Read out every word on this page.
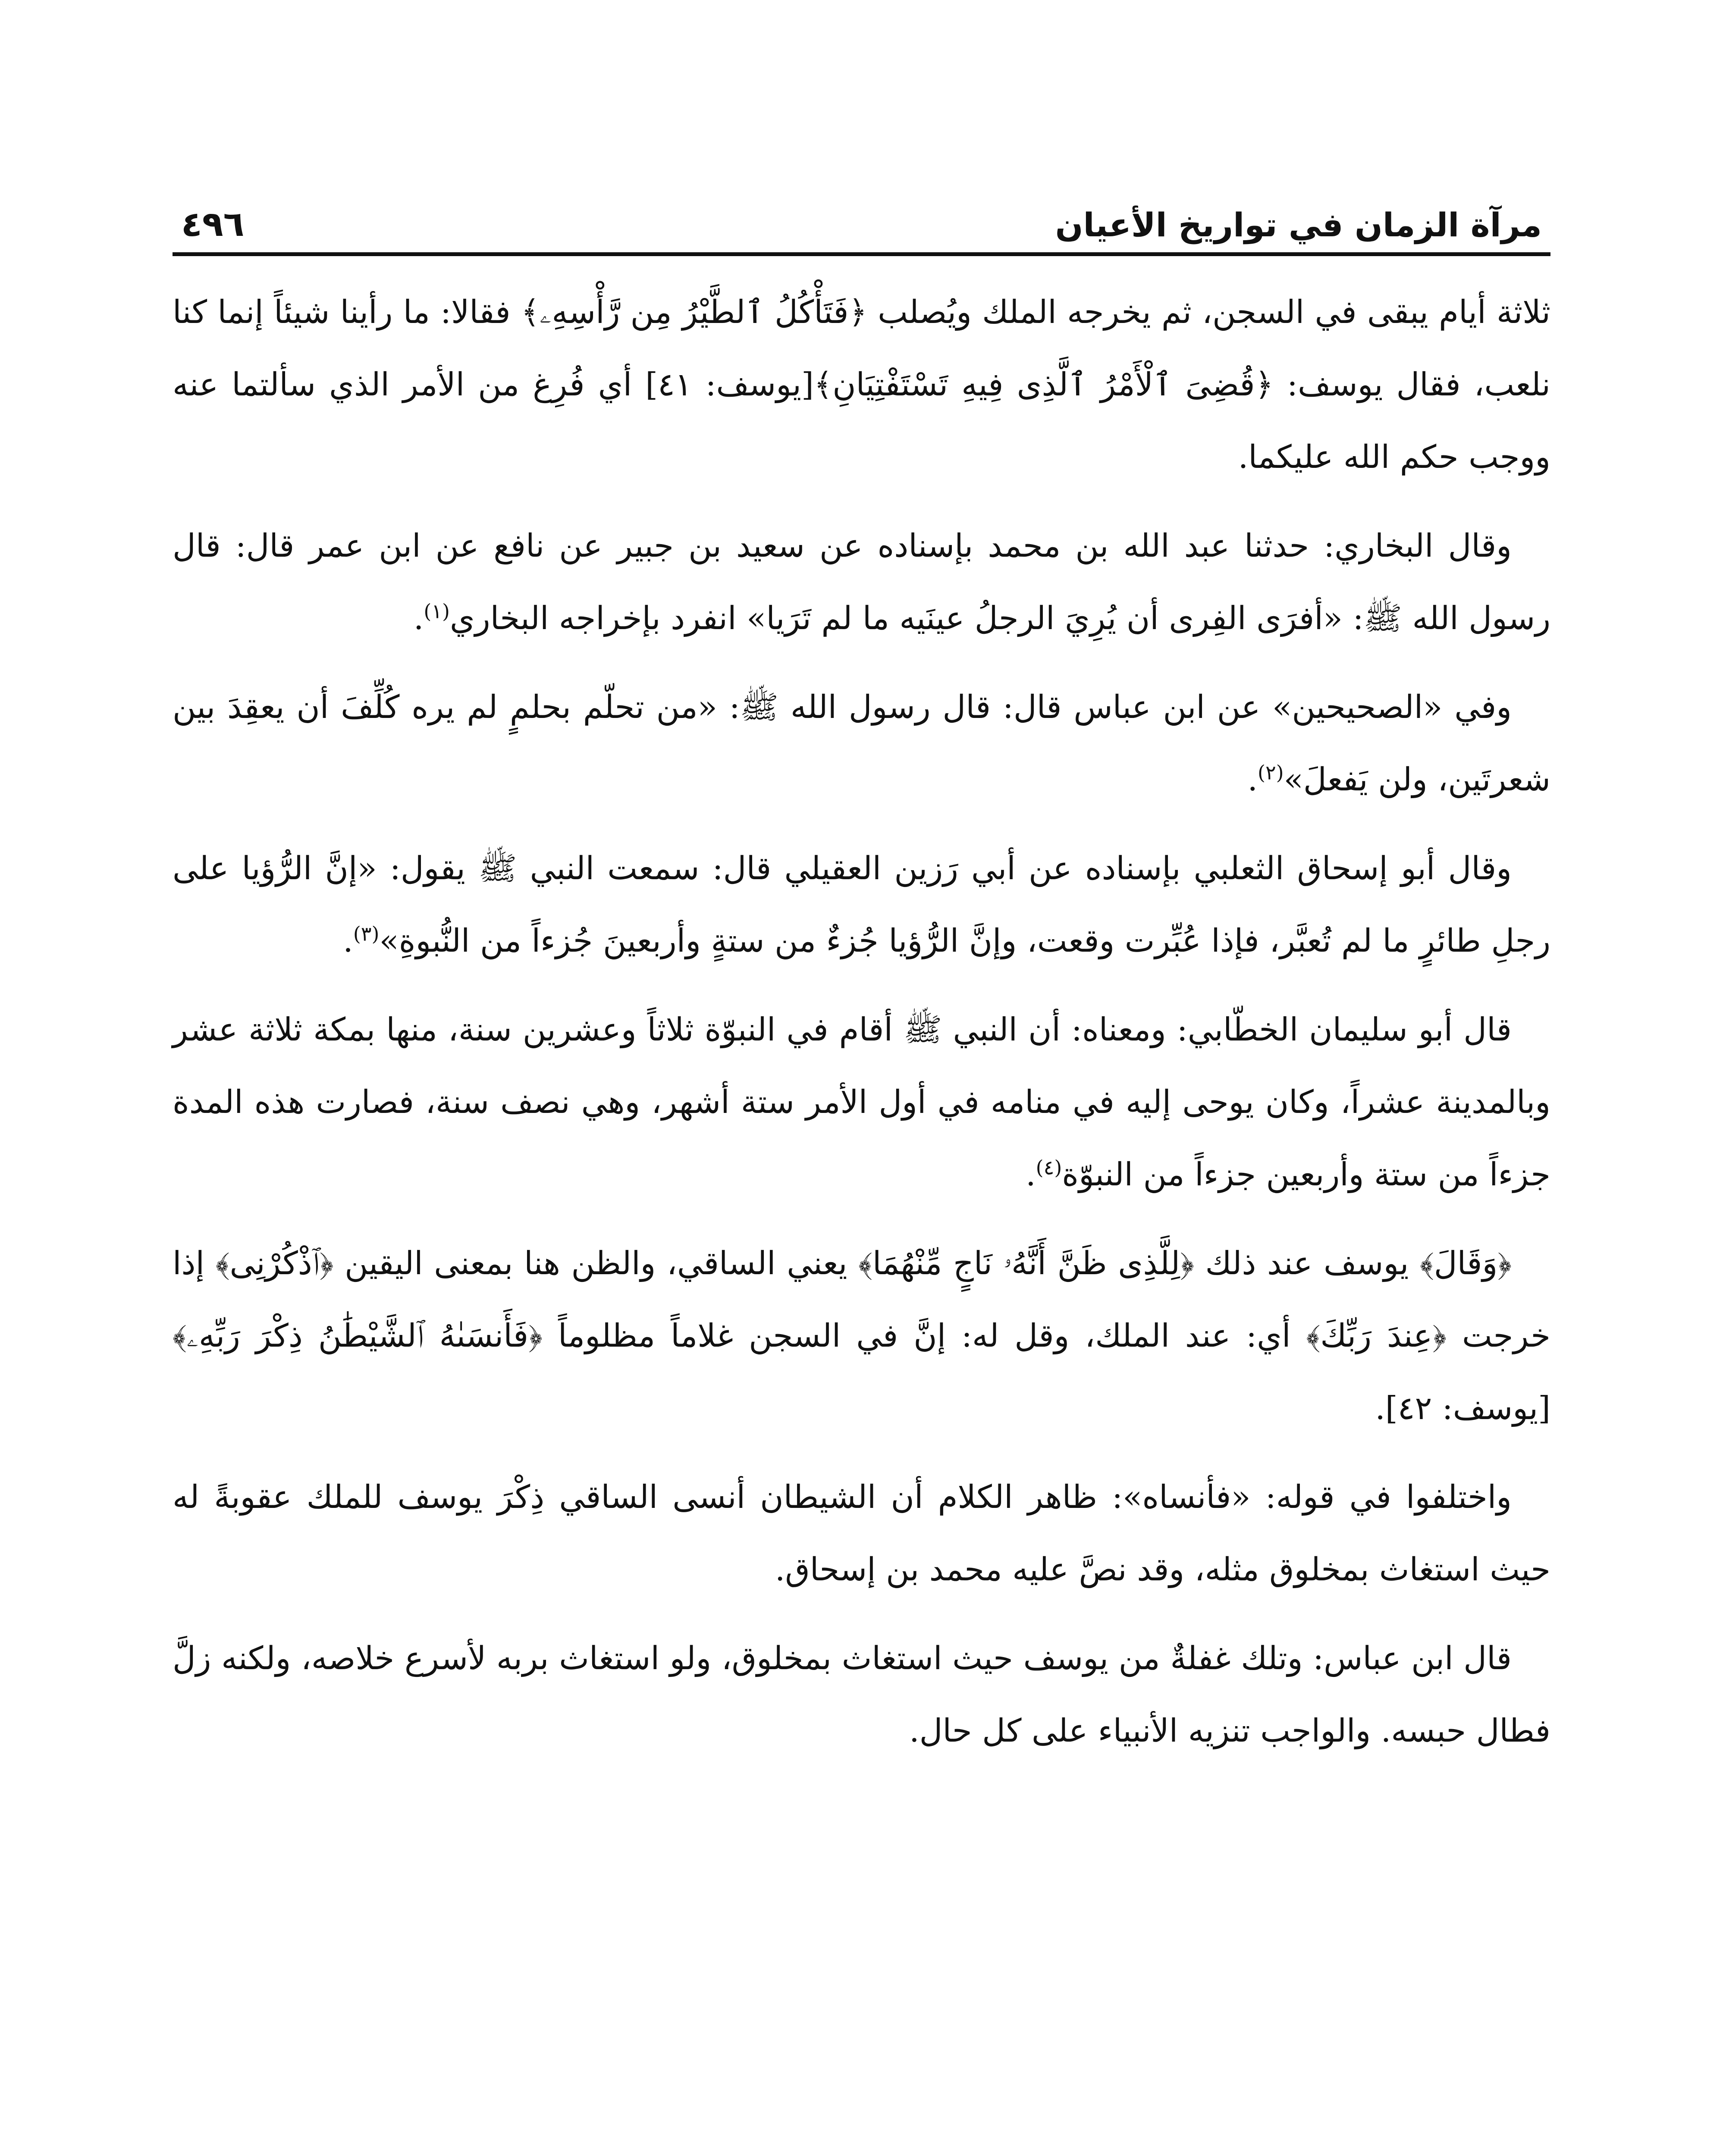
مرآة الزمان في تواريخ الأعيان
٤٩٦

ثلاثة أيام يبقى في السجن، ثم يخرجه الملك ويُصلب ﴿فَتَأْكُلُ ٱلطَّيْرُ مِن رَّأْسِهِۦ﴾ فقالا: ما رأينا شيئاً إنما كنا نلعب، فقال يوسف: ﴿قُضِىَ ٱلْأَمْرُ ٱلَّذِى فِيهِ تَسْتَفْتِيَانِ﴾[يوسف: ٤١] أي فُرِغ من الأمر الذي سألتما عنه ووجب حكم الله عليكما.

وقال البخاري: حدثنا عبد الله بن محمد بإسناده عن سعيد بن جبير عن نافع عن ابن عمر قال: قال رسول الله ﷺ: «أفرَى الفِرى أن يُرِيَ الرجلُ عينَيه ما لم تَرَيا» انفرد بإخراجه البخاري$^{(١)}$.

وفي «الصحيحين» عن ابن عباس قال: قال رسول الله ﷺ: «من تحلّم بحلمٍ لم يره كُلِّفَ أن يعقِدَ بين شعرتَين، ولن يَفعلَ»$^{(٢)}$.

وقال أبو إسحاق الثعلبي بإسناده عن أبي رَزين العقيلي قال: سمعت النبي ﷺ يقول: «إنَّ الرُّؤيا على رجلِ طائرٍ ما لم تُعبَّر، فإذا عُبِّرت وقعت، وإنَّ الرُّؤيا جُزءٌ من ستةٍ وأربعينَ جُزءاً من النُّبوةِ»$^{(٣)}$.

قال أبو سليمان الخطّابي: ومعناه: أن النبي ﷺ أقام في النبوّة ثلاثاً وعشرين سنة، منها بمكة ثلاثة عشر وبالمدينة عشراً، وكان يوحى إليه في منامه في أول الأمر ستة أشهر، وهي نصف سنة، فصارت هذه المدة جزءاً من ستة وأربعين جزءاً من النبوّة$^{(٤)}$.

﴿وَقَالَ﴾ يوسف عند ذلك ﴿لِلَّذِى ظَنَّ أَنَّهُۥ نَاجٍ مِّنْهُمَا﴾ يعني الساقي، والظن هنا بمعنى اليقين ﴿ٱذْكُرْنِى﴾ إذا خرجت ﴿عِندَ رَبِّكَ﴾ أي: عند الملك، وقل له: إنَّ في السجن غلاماً مظلوماً ﴿فَأَنسَىٰهُ ٱلشَّيْطَٰنُ ذِكْرَ رَبِّهِۦ﴾[يوسف: ٤٢].

واختلفوا في قوله: «فأنساه»: ظاهر الكلام أن الشيطان أنسى الساقي ذِكْرَ يوسف للملك عقوبةً له حيث استغاث بمخلوق مثله، وقد نصَّ عليه محمد بن إسحاق.

قال ابن عباس: وتلك غفلةٌ من يوسف حيث استغاث بمخلوق، ولو استغاث بربه لأسرع خلاصه، ولكنه زلَّ فطال حبسه. والواجب تنزيه الأنبياء على كل حال.
